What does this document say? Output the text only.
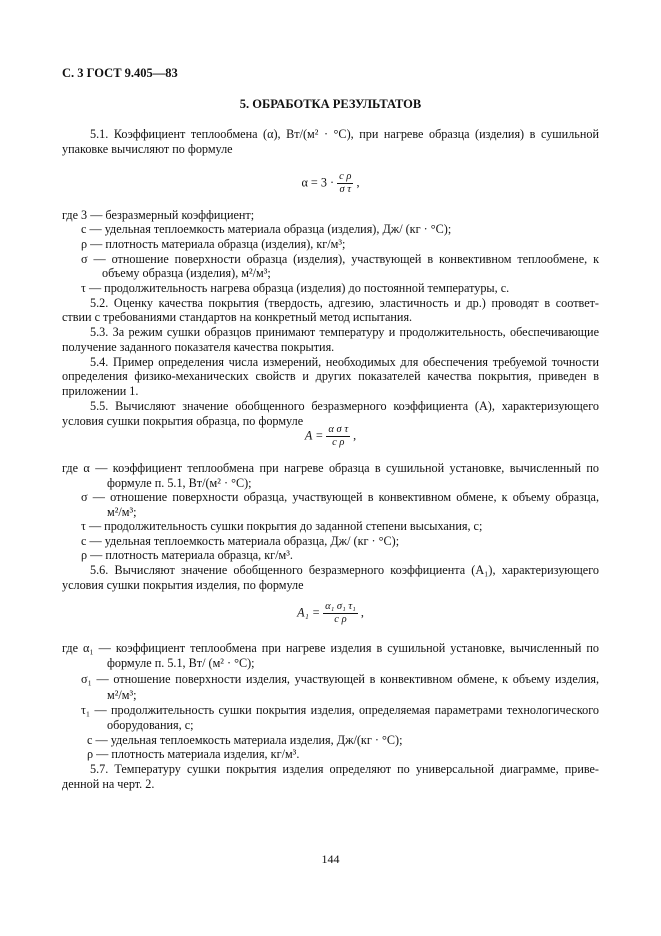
С. 3 ГОСТ 9.405—83
5. ОБРАБОТКА РЕЗУЛЬТАТОВ
5.1. Коэффициент теплообмена (α), Вт/(м² · °С), при нагреве образца (изделия) в сушильной
упаковке вычисляют по формуле
$\alpha = 3 \cdot \frac{\text{c ρ}}{\text{σ τ}}$ ,
где 3 — безразмерный коэффициент;
c — удельная теплоемкость материала образца (изделия), Дж/ (кг · °С);
ρ — плотность материала образца (изделия), кг/м³;
σ — отношение поверхности образца (изделия), участвующей в конвективном теплообмене, к
объему образца (изделия), м²/м³;
τ — продолжительность нагрева образца (изделия) до постоянной температуры, с.
5.2. Оценку качества покрытия (твердость, адгезию, эластичность и др.) проводят в соответ-
ствии с требованиями стандартов на конкретный метод испытания.
5.3. За режим сушки образцов принимают температуру и продолжительность, обеспечивающие
получение заданного показателя качества покрытия.
5.4. Пример определения числа измерений, необходимых для обеспечения требуемой точности
определения физико-механических свойств и других показателей качества покрытия, приведен в
приложении 1.
5.5. Вычисляют значение обобщенного безразмерного коэффициента (A), характеризующего
условия сушки покрытия образца, по формуле
$A = \frac{\text{α σ τ}}{\text{c ρ}}$ ,
где α — коэффициент теплообмена при нагреве образца в сушильной установке, вычисленный по
формуле п. 5.1, Вт/(м² · °С);
σ — отношение поверхности образца, участвующей в конвективном обмене, к объему образца,
м²/м³;
τ — продолжительность сушки покрытия до заданной степени высыхания, с;
c — удельная теплоемкость материала образца, Дж/ (кг · °С);
ρ — плотность материала образца, кг/м³.
5.6. Вычисляют значение обобщенного безразмерного коэффициента (A₁), характеризующего
условия сушки покрытия изделия, по формуле
$A_1 = \frac{\text{α₁ σ₁ τ₁}}{\text{c ρ}}$ ,
где α₁ — коэффициент теплообмена при нагреве изделия в сушильной установке, вычисленный по
формуле п. 5.1, Вт/ (м² · °С);
σ₁ — отношение поверхности изделия, участвующей в конвективном обмене, к объему изделия,
м²/м³;
τ₁ — продолжительность сушки покрытия изделия, определяемая параметрами технологического
оборудования, с;
c — удельная теплоемкость материала изделия, Дж/(кг · °С);
ρ — плотность материала изделия, кг/м³.
5.7. Температуру сушки покрытия изделия определяют по универсальной диаграмме, приве-
денной на черт. 2.
144
